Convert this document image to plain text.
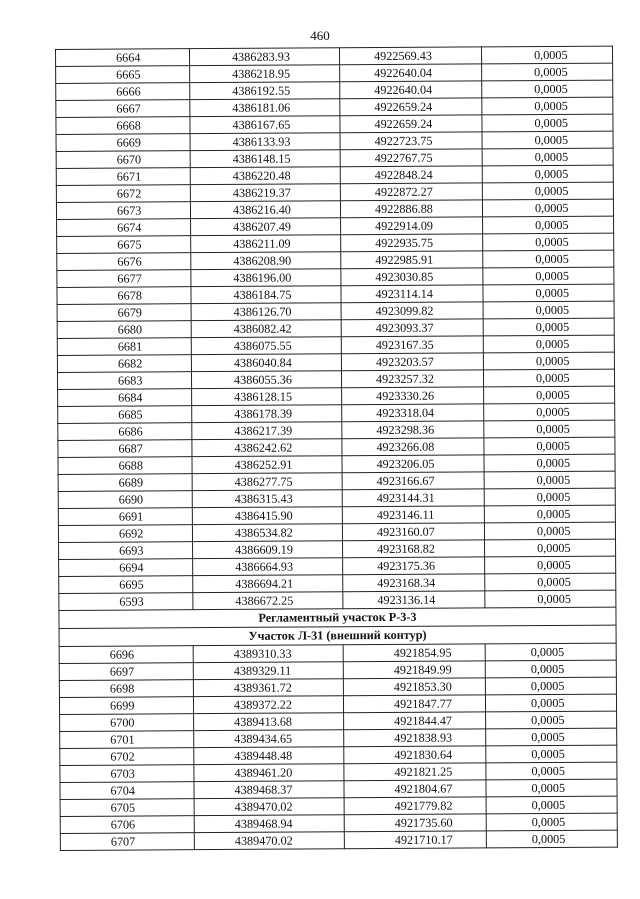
460
6664	4386283.93	4922569.43	0,0005
6665	4386218.95	4922640.04	0,0005
6666	4386192.55	4922640.04	0,0005
6667	4386181.06	4922659.24	0,0005
6668	4386167.65	4922659.24	0,0005
6669	4386133.93	4922723.75	0,0005
6670	4386148.15	4922767.75	0,0005
6671	4386220.48	4922848.24	0,0005
6672	4386219.37	4922872.27	0,0005
6673	4386216.40	4922886.88	0,0005
6674	4386207.49	4922914.09	0,0005
6675	4386211.09	4922935.75	0,0005
6676	4386208.90	4922985.91	0,0005
6677	4386196.00	4923030.85	0,0005
6678	4386184.75	4923114.14	0,0005
6679	4386126.70	4923099.82	0,0005
6680	4386082.42	4923093.37	0,0005
6681	4386075.55	4923167.35	0,0005
6682	4386040.84	4923203.57	0,0005
6683	4386055.36	4923257.32	0,0005
6684	4386128.15	4923330.26	0,0005
6685	4386178.39	4923318.04	0,0005
6686	4386217.39	4923298.36	0,0005
6687	4386242.62	4923266.08	0,0005
6688	4386252.91	4923206.05	0,0005
6689	4386277.75	4923166.67	0,0005
6690	4386315.43	4923144.31	0,0005
6691	4386415.90	4923146.11	0,0005
6692	4386534.82	4923160.07	0,0005
6693	4386609.19	4923168.82	0,0005
6694	4386664.93	4923175.36	0,0005
6695	4386694.21	4923168.34	0,0005
6593	4386672.25	4923136.14	0,0005
Регламентный участок Р-3-3			
Участок Л-31 (внешний контур)			
6696	4389310.33	4921854.95	0,0005
6697	4389329.11	4921849.99	0,0005
6698	4389361.72	4921853.30	0,0005
6699	4389372.22	4921847.77	0,0005
6700	4389413.68	4921844.47	0,0005
6701	4389434.65	4921838.93	0,0005
6702	4389448.48	4921830.64	0,0005
6703	4389461.20	4921821.25	0,0005
6704	4389468.37	4921804.67	0,0005
6705	4389470.02	4921779.82	0,0005
6706	4389468.94	4921735.60	0,0005
6707	4389470.02	4921710.17	0,0005
